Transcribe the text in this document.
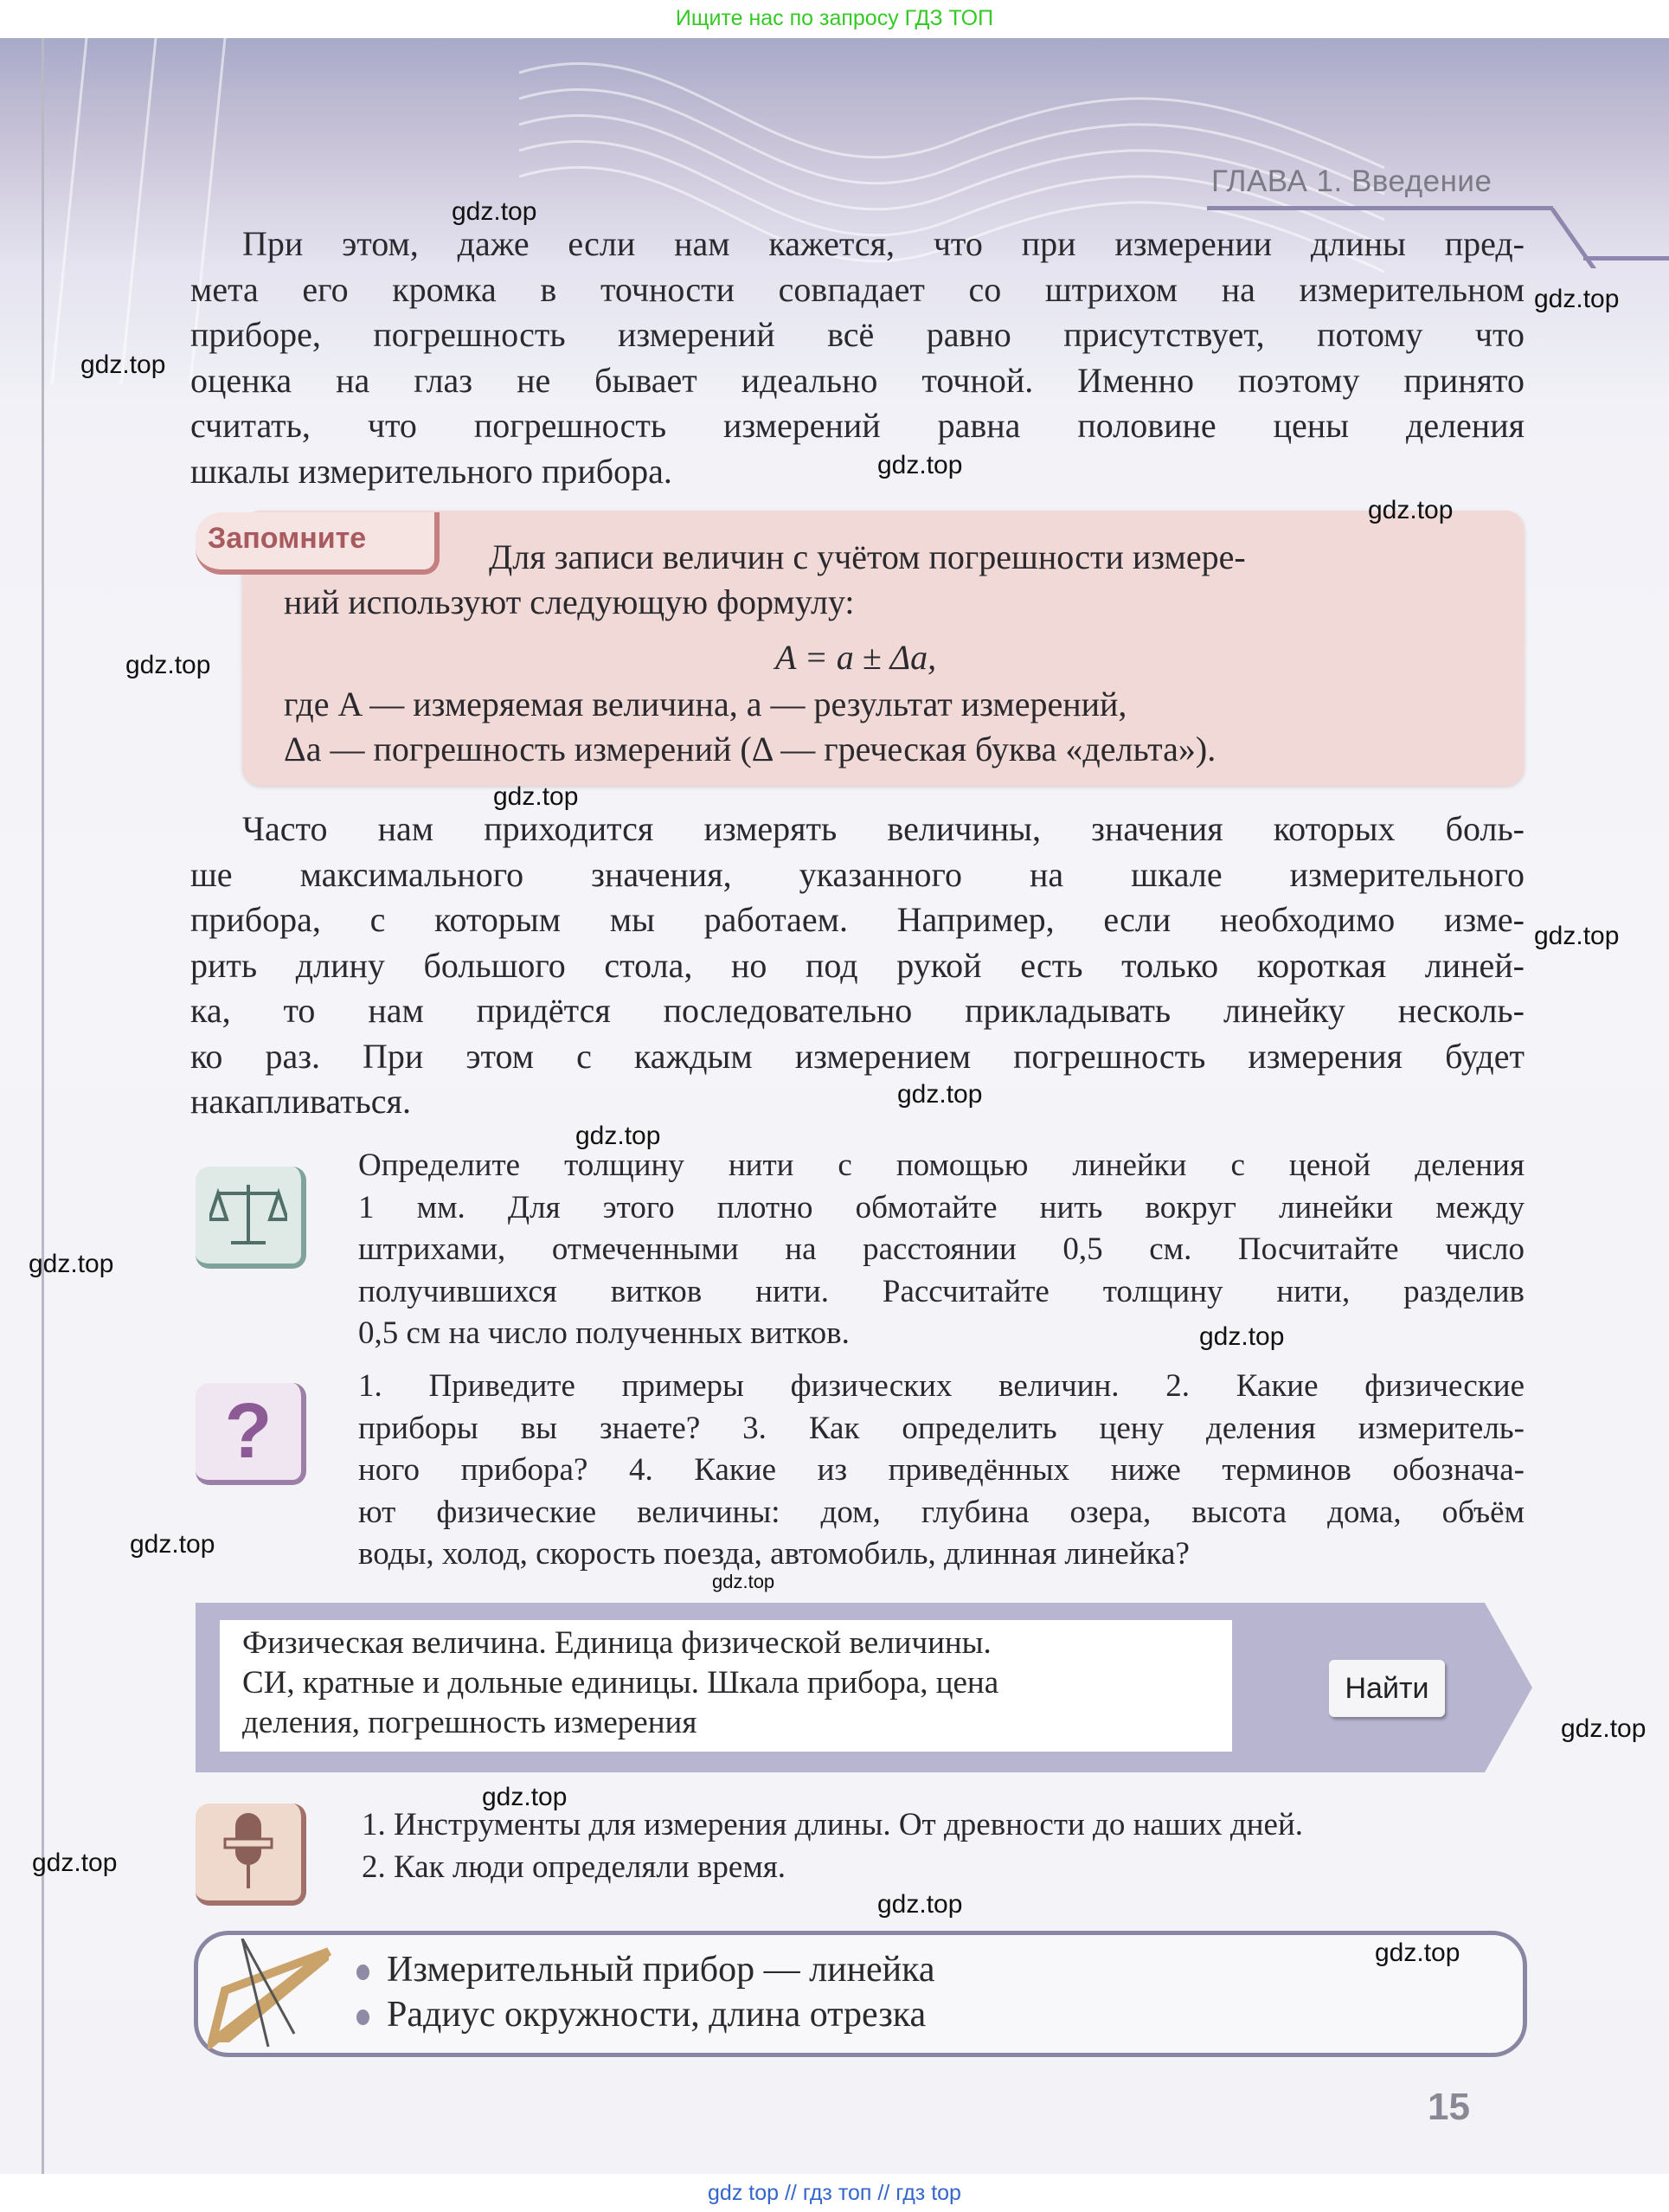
Ищите нас по запросу ГДЗ ТОП
ГЛАВА 1. Введение
При этом, даже если нам кажется, что при измерении длины пред-
мета его кромка в точности совпадает со штрихом на измерительном
приборе, погрешность измерений всё равно присутствует, потому что
оценка на глаз не бывает идеально точной. Именно поэтому принято
считать, что погрешность измерений равна половине цены деления
шкалы измерительного прибора.
Запомните	Для записи величин с учётом погрешности измере-
ний используют следующую формулу:
A = a ± Δa,
где A — измеряемая величина, a — результат измерений,
Δa — погрешность измерений (Δ — греческая буква «дельта»).
Часто нам приходится измерять величины, значения которых боль-
ше максимального значения, указанного на шкале измерительного
прибора, с которым мы работаем. Например, если необходимо изме-
рить длину большого стола, но под рукой есть только короткая линей-
ка, то нам придётся последовательно прикладывать линейку несколь-
ко раз. При этом с каждым измерением погрешность измерения будет
накапливаться.
Определите толщину нити с помощью линейки с ценой деления
1 мм. Для этого плотно обмотайте нить вокруг линейки между
штрихами, отмеченными на расстоянии 0,5 см. Посчитайте число
получившихся витков нити. Рассчитайте толщину нити, разделив
0,5 см на число полученных витков.
?
1. Приведите примеры физических величин. 2. Какие физические
приборы вы знаете? 3. Как определить цену деления измеритель-
ного прибора? 4. Какие из приведённых ниже терминов обознача-
ют физические величины: дом, глубина озера, высота дома, объём
воды, холод, скорость поезда, автомобиль, длинная линейка?
Физическая величина. Единица физической величины.
СИ, кратные и дольные единицы. Шкала прибора, цена
деления, погрешность измерения
Найти
1. Инструменты для измерения длины. От древности до наших дней.
2. Как люди определяли время.
Измерительный прибор — линейка
Радиус окружности, длина отрезка
15
gdz.top
gdz.top
gdz.top
gdz.top
gdz.top
gdz.top
gdz.top
gdz.top
gdz.top
gdz.top
gdz.top
gdz.top
gdz.top
gdz.top
gdz.top
gdz.top
gdz.top
gdz.top
gdz.top
gdz top // гдз топ // гдз top
